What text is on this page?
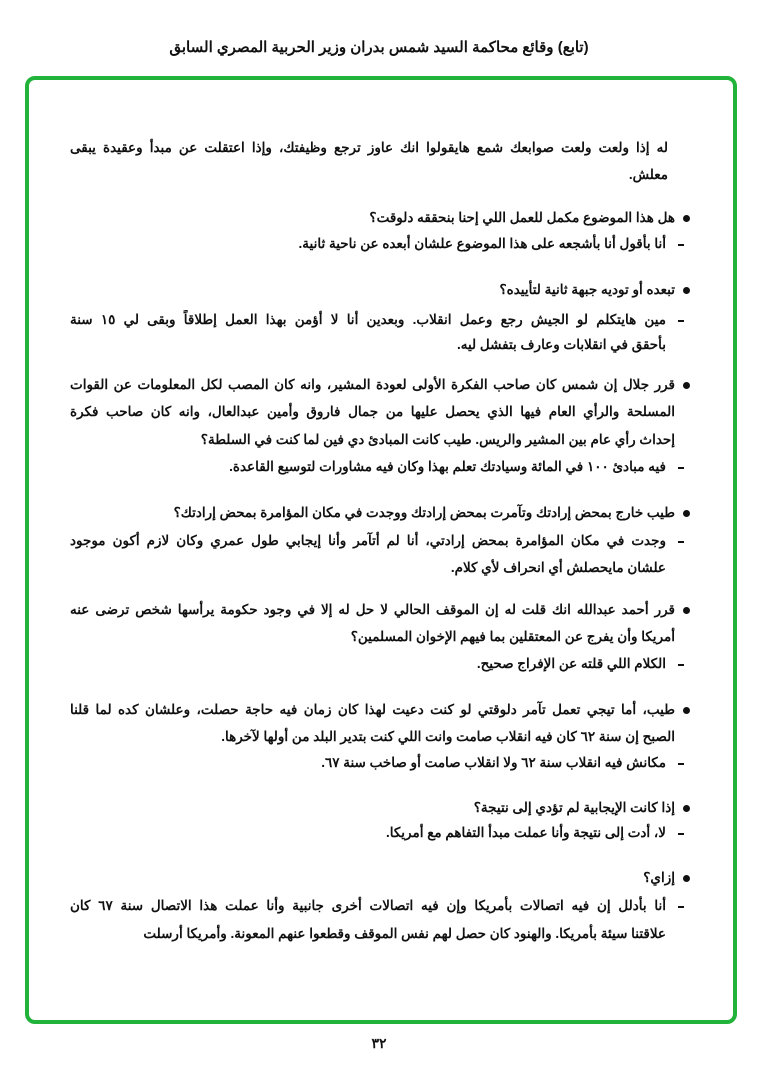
(تابع) وقائع محاكمة السيد شمس بدران وزير الحربية المصري السابق
له إذا ولعت ولعت صوابعك شمع هايقولوا انك عاوز ترجع وظيفتك، وإذا اعتقلت عن مبدأ وعقيدة يبقى
معلش.
هل هذا الموضوع مكمل للعمل اللي إحنا بنحققه دلوقت؟
أنا بأقول أنا بأشجعه على هذا الموضوع علشان أبعده عن ناحية ثانية.
تبعده أو توديه جبهة ثانية لتأييده؟
مين هايتكلم لو الجيش رجع وعمل انقلاب. وبعدين أنا لا أؤمن بهذا العمل إطلاقاً وبقى لي ١٥ سنة
بأحقق في انقلابات وعارف بتفشل ليه.
قرر جلال إن شمس كان صاحب الفكرة الأولى لعودة المشير، وانه كان المصب لكل المعلومات عن القوات
المسلحة والرأي العام فيها الذي يحصل عليها من جمال فاروق وأمين عبدالعال، وانه كان صاحب فكرة
إحداث رأي عام بين المشير والريس. طيب كانت المبادئ دي فين لما كنت في السلطة؟
فيه مبادئ ١٠٠ في المائة وسيادتك تعلم بهذا وكان فيه مشاورات لتوسيع القاعدة.
طيب خارج بمحض إرادتك وتآمرت بمحض إرادتك ووجدت في مكان المؤامرة بمحض إرادتك؟
وجدت في مكان المؤامرة بمحض إرادتي، أنا لم أتآمر وأنا إيجابي طول عمري وكان لازم أكون موجود
علشان مايحصلش أي انحراف لأي كلام.
قرر أحمد عبدالله انك قلت له إن الموقف الحالي لا حل له إلا في وجود حكومة يرأسها شخص ترضى عنه
أمريكا وأن يفرج عن المعتقلين بما فيهم الإخوان المسلمين؟
الكلام اللي قلته عن الإفراج صحيح.
طيب، أما تيجي تعمل تآمر دلوقتي لو كنت دعيت لهذا كان زمان فيه حاجة حصلت، وعلشان كده لما قلنا
الصبح إن سنة ٦٢ كان فيه انقلاب صامت وانت اللي كنت بتدير البلد من أولها لآخرها.
مكانش فيه انقلاب سنة ٦٢ ولا انقلاب صامت أو صاخب سنة ٦٧.
إذا كانت الإيجابية لم تؤدي إلى نتيجة؟
لا، أدت إلى نتيجة وأنا عملت مبدأ التفاهم مع أمريكا.
إزاي؟
أنا بأدلل إن فيه اتصالات بأمريكا وإن فيه اتصالات أخرى جانبية وأنا عملت هذا الاتصال سنة ٦٧ كان
علاقتنا سيئة بأمريكا. والهنود كان حصل لهم نفس الموقف وقطعوا عنهم المعونة. وأمريكا أرسلت
٣٢
